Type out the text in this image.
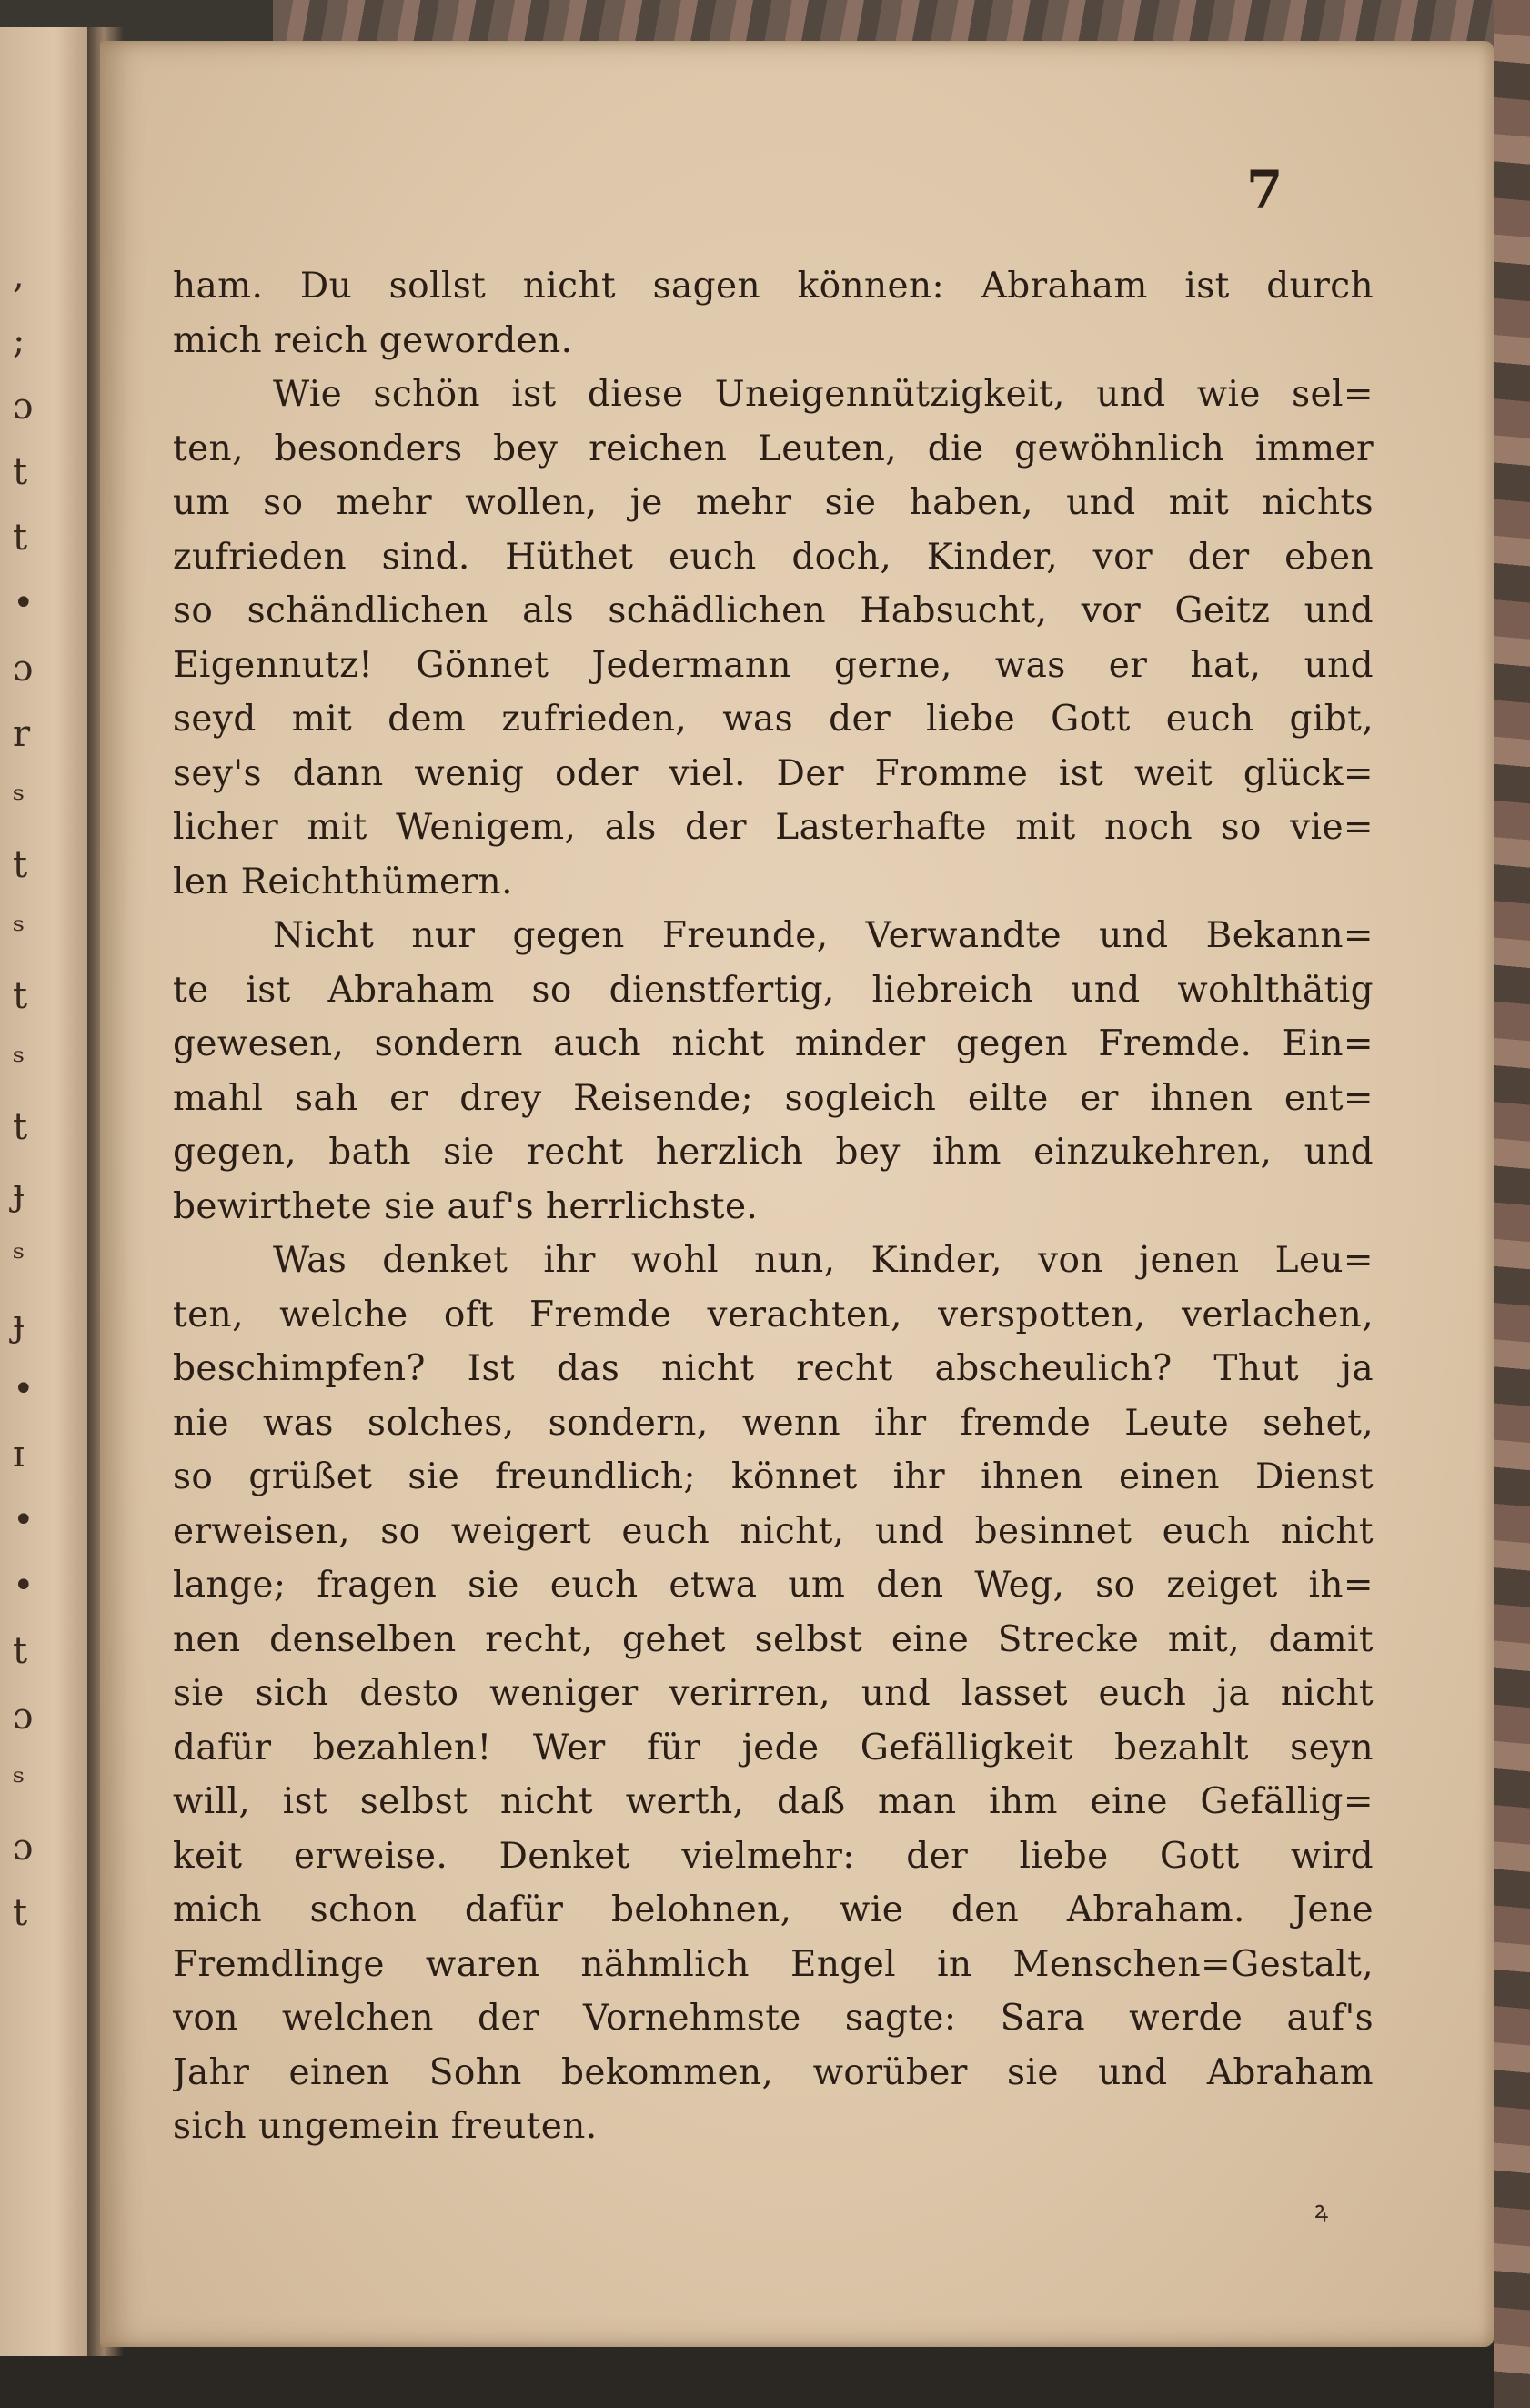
,
;
ɔ
t
t
•
ɔ
r
ˢ
t
ˢ
t
ˢ
t
ɟ
ˢ
ɟ
•
ɪ
•
•
t
ɔ
ˢ
ɔ
t
7
ham. Du sollst nicht sagen können: Abraham ist durch
mich reich geworden.
Wie schön ist diese Uneigennützigkeit, und wie sel=
ten, besonders bey reichen Leuten, die gewöhnlich immer
um so mehr wollen, je mehr sie haben, und mit nichts
zufrieden sind. Hüthet euch doch, Kinder, vor der eben
so schändlichen als schädlichen Habsucht, vor Geitz und
Eigennutz! Gönnet Jedermann gerne, was er hat, und
seyd mit dem zufrieden, was der liebe Gott euch gibt,
sey's dann wenig oder viel. Der Fromme ist weit glück=
licher mit Wenigem, als der Lasterhafte mit noch so vie=
len Reichthümern.
Nicht nur gegen Freunde, Verwandte und Bekann=
te ist Abraham so dienstfertig, liebreich und wohlthätig
gewesen, sondern auch nicht minder gegen Fremde. Ein=
mahl sah er drey Reisende; sogleich eilte er ihnen ent=
gegen, bath sie recht herzlich bey ihm einzukehren, und
bewirthete sie auf's herrlichste.
Was denket ihr wohl nun, Kinder, von jenen Leu=
ten, welche oft Fremde verachten, verspotten, verlachen,
beschimpfen? Ist das nicht recht abscheulich? Thut ja
nie was solches, sondern, wenn ihr fremde Leute sehet,
so grüßet sie freundlich; könnet ihr ihnen einen Dienst
erweisen, so weigert euch nicht, und besinnet euch nicht
lange; fragen sie euch etwa um den Weg, so zeiget ih=
nen denselben recht, gehet selbst eine Strecke mit, damit
sie sich desto weniger verirren, und lasset euch ja nicht
dafür bezahlen! Wer für jede Gefälligkeit bezahlt seyn
will, ist selbst nicht werth, daß man ihm eine Gefällig=
keit erweise. Denket vielmehr: der liebe Gott wird
mich schon dafür belohnen, wie den Abraham. Jene
Fremdlinge waren nähmlich Engel in Menschen=Gestalt,
von welchen der Vornehmste sagte: Sara werde auf's
Jahr einen Sohn bekommen, worüber sie und Abraham
sich ungemein freuten.
ꝝ
